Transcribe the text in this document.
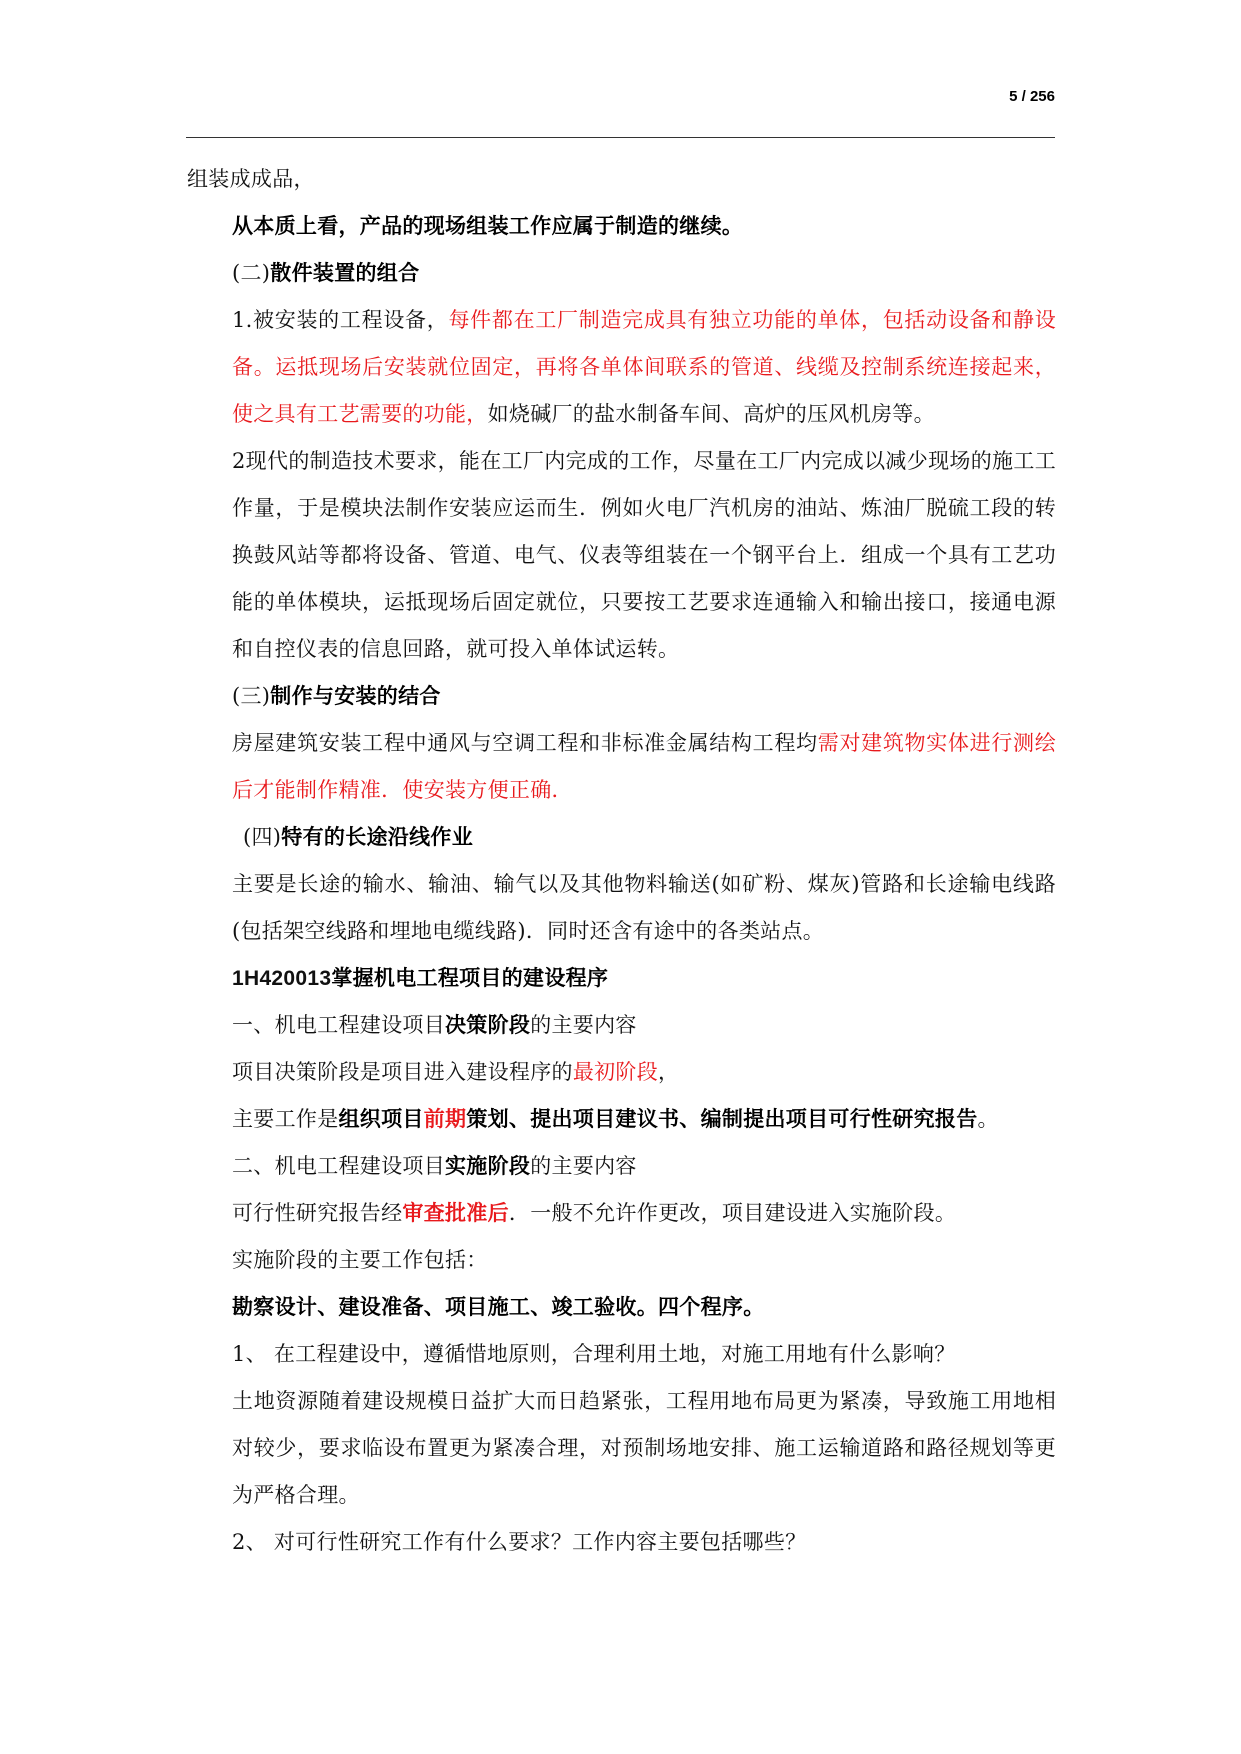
5 / 256
组装成成品，
从本质上看，产品的现场组装工作应属于制造的继续。
(二)散件装置的组合
1.被安装的工程设备，每件都在工厂制造完成具有独立功能的单体，包括动设备和静设备。运抵现场后安装就位固定，再将各单体间联系的管道、线缆及控制系统连接起来，使之具有工艺需要的功能，如烧碱厂的盐水制备车间、高炉的压风机房等。
2现代的制造技术要求，能在工厂内完成的工作，尽量在工厂内完成以减少现场的施工工作量，于是模块法制作安装应运而生．例如火电厂汽机房的油站、炼油厂脱硫工段的转换鼓风站等都将设备、管道、电气、仪表等组装在一个钢平台上．组成一个具有工艺功能的单体模块，运抵现场后固定就位，只要按工艺要求连通输入和输出接口，接通电源和自控仪表的信息回路，就可投入单体试运转。
(三)制作与安装的结合
房屋建筑安装工程中通风与空调工程和非标准金属结构工程均需对建筑物实体进行测绘后才能制作精准．使安装方便正确．
(四)特有的长途沿线作业
主要是长途的输水、输油、输气以及其他物料输送(如矿粉、煤灰)管路和长途输电线路(包括架空线路和埋地电缆线路)．同时还含有途中的各类站点。
1H420013掌握机电工程项目的建设程序
一、机电工程建设项目决策阶段的主要内容
项目决策阶段是项目进入建设程序的最初阶段，
主要工作是组织项目前期策划、提出项目建议书、编制提出项目可行性研究报告。
二、机电工程建设项目实施阶段的主要内容
可行性研究报告经审查批准后．一般不允许作更改，项目建设进入实施阶段。
实施阶段的主要工作包括：
勘察设计、建设准备、项目施工、竣工验收。四个程序。
1、 在工程建设中，遵循惜地原则，合理利用土地，对施工用地有什么影响？
土地资源随着建设规模日益扩大而日趋紧张，工程用地布局更为紧凑，导致施工用地相对较少，要求临设布置更为紧凑合理，对预制场地安排、施工运输道路和路径规划等更为严格合理。
2、 对可行性研究工作有什么要求？工作内容主要包括哪些？
